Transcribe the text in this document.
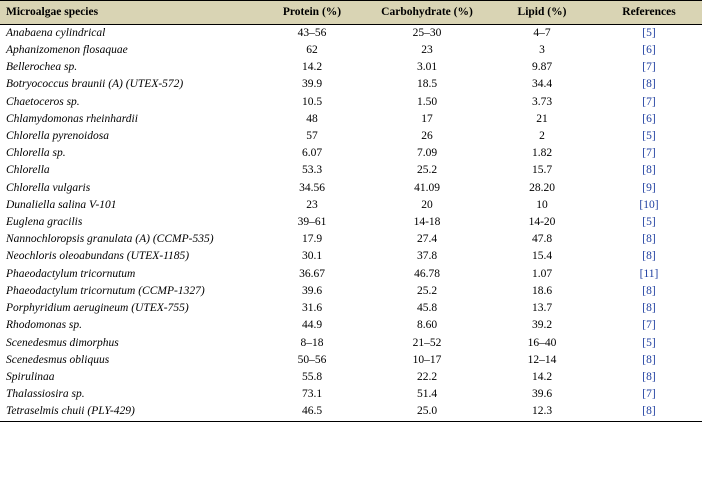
Microalgae species	Protein (%)	Carbohydrate (%)	Lipid (%)	References
Anabaena cylindrical	43–56	25–30	4–7	[5]
Aphanizomenon flosaquae	62	23	3	[6]
Bellerochea sp.	14.2	3.01	9.87	[7]
Botryococcus braunii (A) (UTEX-572)	39.9	18.5	34.4	[8]
Chaetoceros sp.	10.5	1.50	3.73	[7]
Chlamydomonas rheinhardii	48	17	21	[6]
Chlorella pyrenoidosa	57	26	2	[5]
Chlorella sp.	6.07	7.09	1.82	[7]
Chlorella	53.3	25.2	15.7	[8]
Chlorella vulgaris	34.56	41.09	28.20	[9]
Dunaliella salina V-101	23	20	10	[10]
Euglena gracilis	39–61	14-18	14-20	[5]
Nannochloropsis granulata (A) (CCMP-535)	17.9	27.4	47.8	[8]
Neochloris oleoabundans (UTEX-1185)	30.1	37.8	15.4	[8]
Phaeodactylum tricornutum	36.67	46.78	1.07	[11]
Phaeodactylum tricornutum (CCMP-1327)	39.6	25.2	18.6	[8]
Porphyridium aerugineum (UTEX-755)	31.6	45.8	13.7	[8]
Rhodomonas sp.	44.9	8.60	39.2	[7]
Scenedesmus dimorphus	8–18	21–52	16–40	[5]
Scenedesmus obliquus	50–56	10–17	12–14	[8]
Spirulinaa	55.8	22.2	14.2	[8]
Thalassiosira sp.	73.1	51.4	39.6	[7]
Tetraselmis chuii (PLY-429)	46.5	25.0	12.3	[8]
